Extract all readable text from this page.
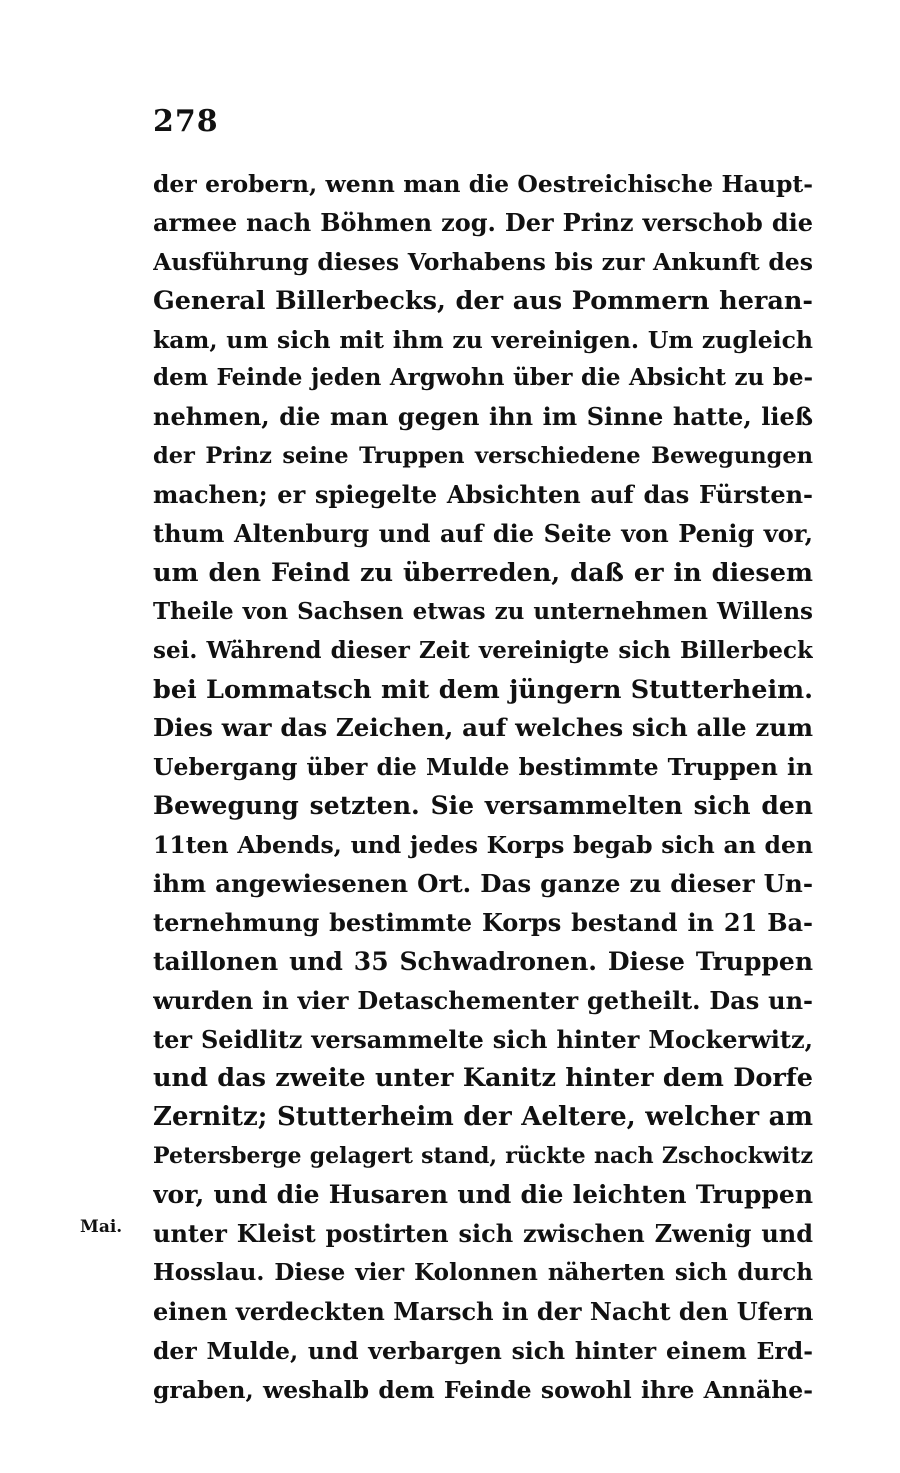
278
Mai.
der erobern, wenn man die Oestreichische Haupt-
armee nach Böhmen zog. Der Prinz verschob die
Ausführung dieses Vorhabens bis zur Ankunft des
General Billerbecks, der aus Pommern heran-
kam, um sich mit ihm zu vereinigen. Um zugleich
dem Feinde jeden Argwohn über die Absicht zu be-
nehmen, die man gegen ihn im Sinne hatte, ließ
der Prinz seine Truppen verschiedene Bewegungen
machen; er spiegelte Absichten auf das Fürsten-
thum Altenburg und auf die Seite von Penig vor,
um den Feind zu überreden, daß er in diesem
Theile von Sachsen etwas zu unternehmen Willens
sei. Während dieser Zeit vereinigte sich Billerbeck
bei Lommatsch mit dem jüngern Stutterheim.
Dies war das Zeichen, auf welches sich alle zum
Uebergang über die Mulde bestimmte Truppen in
Bewegung setzten. Sie versammelten sich den
11ten Abends, und jedes Korps begab sich an den
ihm angewiesenen Ort. Das ganze zu dieser Un-
ternehmung bestimmte Korps bestand in 21 Ba-
taillonen und 35 Schwadronen. Diese Truppen
wurden in vier Detaschementer getheilt. Das un-
ter Seidlitz versammelte sich hinter Mockerwitz,
und das zweite unter Kanitz hinter dem Dorfe
Zernitz; Stutterheim der Aeltere, welcher am
Petersberge gelagert stand, rückte nach Zschockwitz
vor, und die Husaren und die leichten Truppen
unter Kleist postirten sich zwischen Zwenig und
Hosslau. Diese vier Kolonnen näherten sich durch
einen verdeckten Marsch in der Nacht den Ufern
der Mulde, und verbargen sich hinter einem Erd-
graben, weshalb dem Feinde sowohl ihre Annähe-
